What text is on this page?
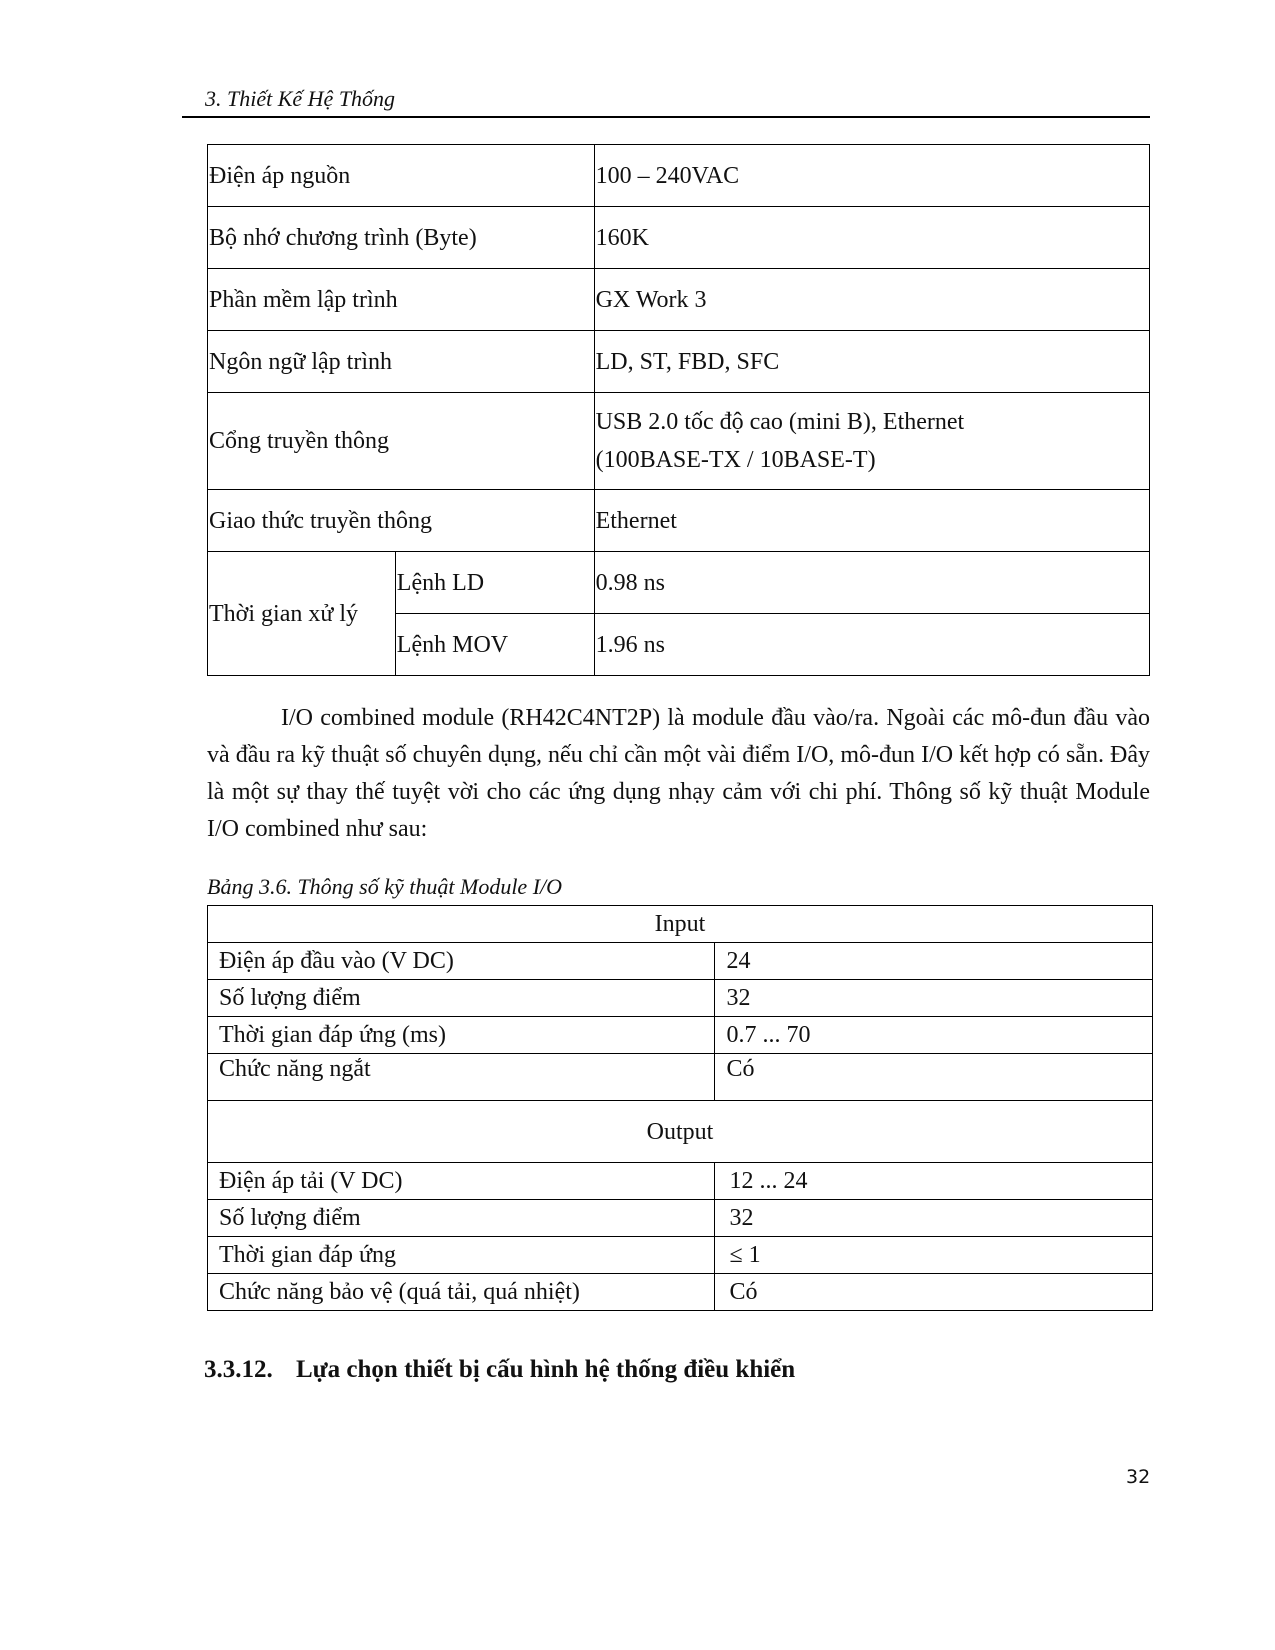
3. Thiết Kế Hệ Thống
Điện áp nguồn		100 – 240VAC
Bộ nhớ chương trình (Byte)		160K
Phần mềm lập trình		GX Work 3
Ngôn ngữ lập trình		LD, ST, FBD, SFC
Cổng truyền thông		USB 2.0 tốc độ cao (mini B), Ethernet
(100BASE-TX / 10BASE-T)

Giao thức truyền thông		Ethernet
Thời gian xử lý	Lệnh LD	0.98 ns
	Lệnh MOV	1.96 ns
I/O combined module (RH42C4NT2P) là module đầu vào/ra. Ngoài các mô-đun đầu vào và đầu ra kỹ thuật số chuyên dụng, nếu chỉ cần một vài điểm I/O, mô-đun I/O kết hợp có sẵn. Đây là một sự thay thế tuyệt vời cho các ứng dụng nhạy cảm với chi phí. Thông số kỹ thuật Module I/O combined như sau:
Bảng 3.6. Thông số kỹ thuật Module I/O
Input	
Điện áp đầu vào (V DC)	24
Số lượng điểm	32
Thời gian đáp ứng (ms)	0.7 ... 70
Chức năng ngắt	Có
Output	
Điện áp tải (V DC)	12 ... 24
Số lượng điểm	32
Thời gian đáp ứng	≤ 1
Chức năng bảo vệ (quá tải, quá nhiệt)	Có
3.3.12. Lựa chọn thiết bị cấu hình hệ thống điều khiển
32
